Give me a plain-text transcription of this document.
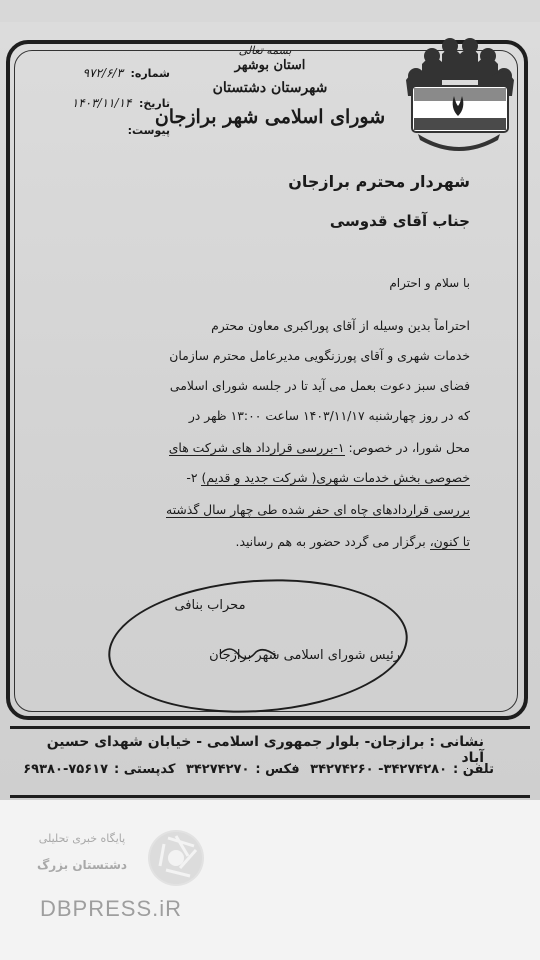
بسمه تعالی
استان بوشهر
شهرستان دشتستان
شورای اسلامی شهر برازجان
شماره: ۹۷۲/۶/۳
تاریخ: ۱۴۰۳/۱۱/۱۴
پیوست:
شهردار محترم برازجان
جناب آقای قدوسی
با سلام و احترام
احتراماً بدین وسیله از آقای پوراکبری معاون محترم
خدمات شهری و آقای پورزنگویی مدیرعامل محترم سازمان
فضای سبز دعوت بعمل می آید تا در جلسه شورای اسلامی
که در روز چهارشنبه ۱۴۰۳/۱۱/۱۷ ساعت ۱۳:۰۰ ظهر در
محل شورا، در خصوص: ۱-بررسی قرارداد های شرکت های
خصوصی بخش خدمات شهری( شرکت جدید و قدیم) ۲-
بررسی قراردادهای چاه ای حفر شده طی چهار سال گذشته
تا کنون، برگزار می گردد حضور به هم رسانید.
محراب بنافی
رئیس شورای اسلامی شهر برازجان
نشانی : برازجان- بلوار جمهوری اسلامی - خیابان شهدای حسین آباد
تلفن :۳۴۲۷۴۲۸۰- ۳۴۲۷۴۲۶۰ فکس :۳۴۲۷۴۲۷۰ کدپستی :۷۵۶۱۷-۶۹۳۸۰
پایگاه خبری تحلیلی
دشتستان بزرگ
DBPRESS.iR
